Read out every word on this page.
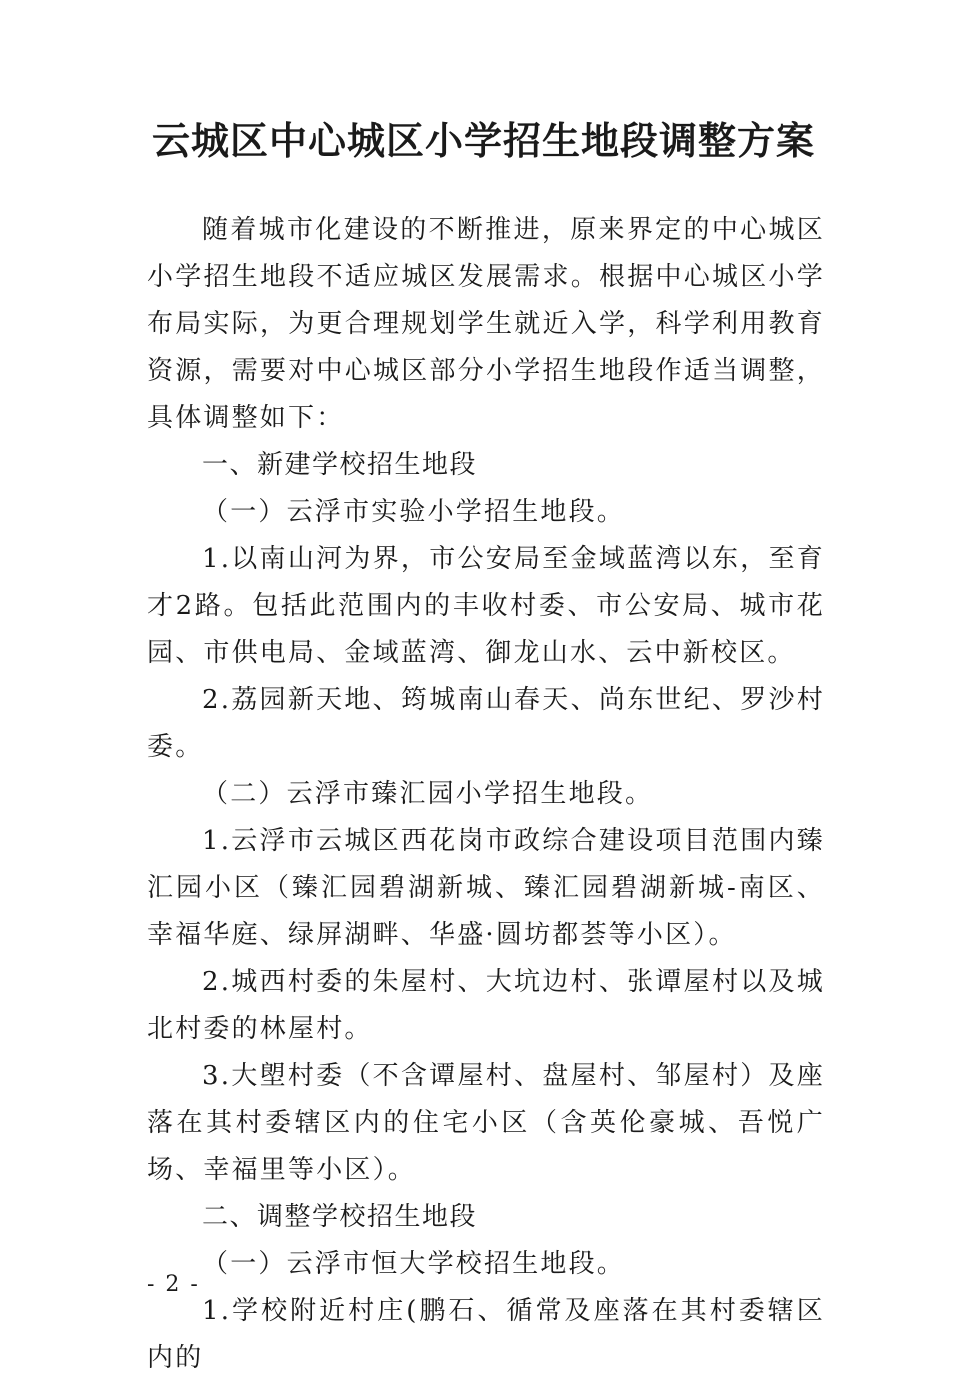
云城区中心城区小学招生地段调整方案

随着城市化建设的不断推进，原来界定的中心城区小学招生地段不适应城区发展需求。根据中心城区小学布局实际，为更合理规划学生就近入学，科学利用教育资源，需要对中心城区部分小学招生地段作适当调整，具体调整如下：

一、新建学校招生地段

（一）云浮市实验小学招生地段。

1.以南山河为界，市公安局至金域蓝湾以东，至育才2路。包括此范围内的丰收村委、市公安局、城市花园、市供电局、金域蓝湾、御龙山水、云中新校区。

2.荔园新天地、筠城南山春天、尚东世纪、罗沙村委。

（二）云浮市臻汇园小学招生地段。

1.云浮市云城区西花岗市政综合建设项目范围内臻汇园小区（臻汇园碧湖新城、臻汇园碧湖新城-南区、幸福华庭、绿屏湖畔、华盛·圆坊都荟等小区）。

2.城西村委的朱屋村、大坑边村、张谭屋村以及城北村委的林屋村。

3.大塱村委（不含谭屋村、盘屋村、邹屋村）及座落在其村委辖区内的住宅小区（含英伦豪城、吾悦广场、幸福里等小区）。

二、调整学校招生地段

（一）云浮市恒大学校招生地段。

1.学校附近村庄(鹏石、循常及座落在其村委辖区内的

- 2 -
